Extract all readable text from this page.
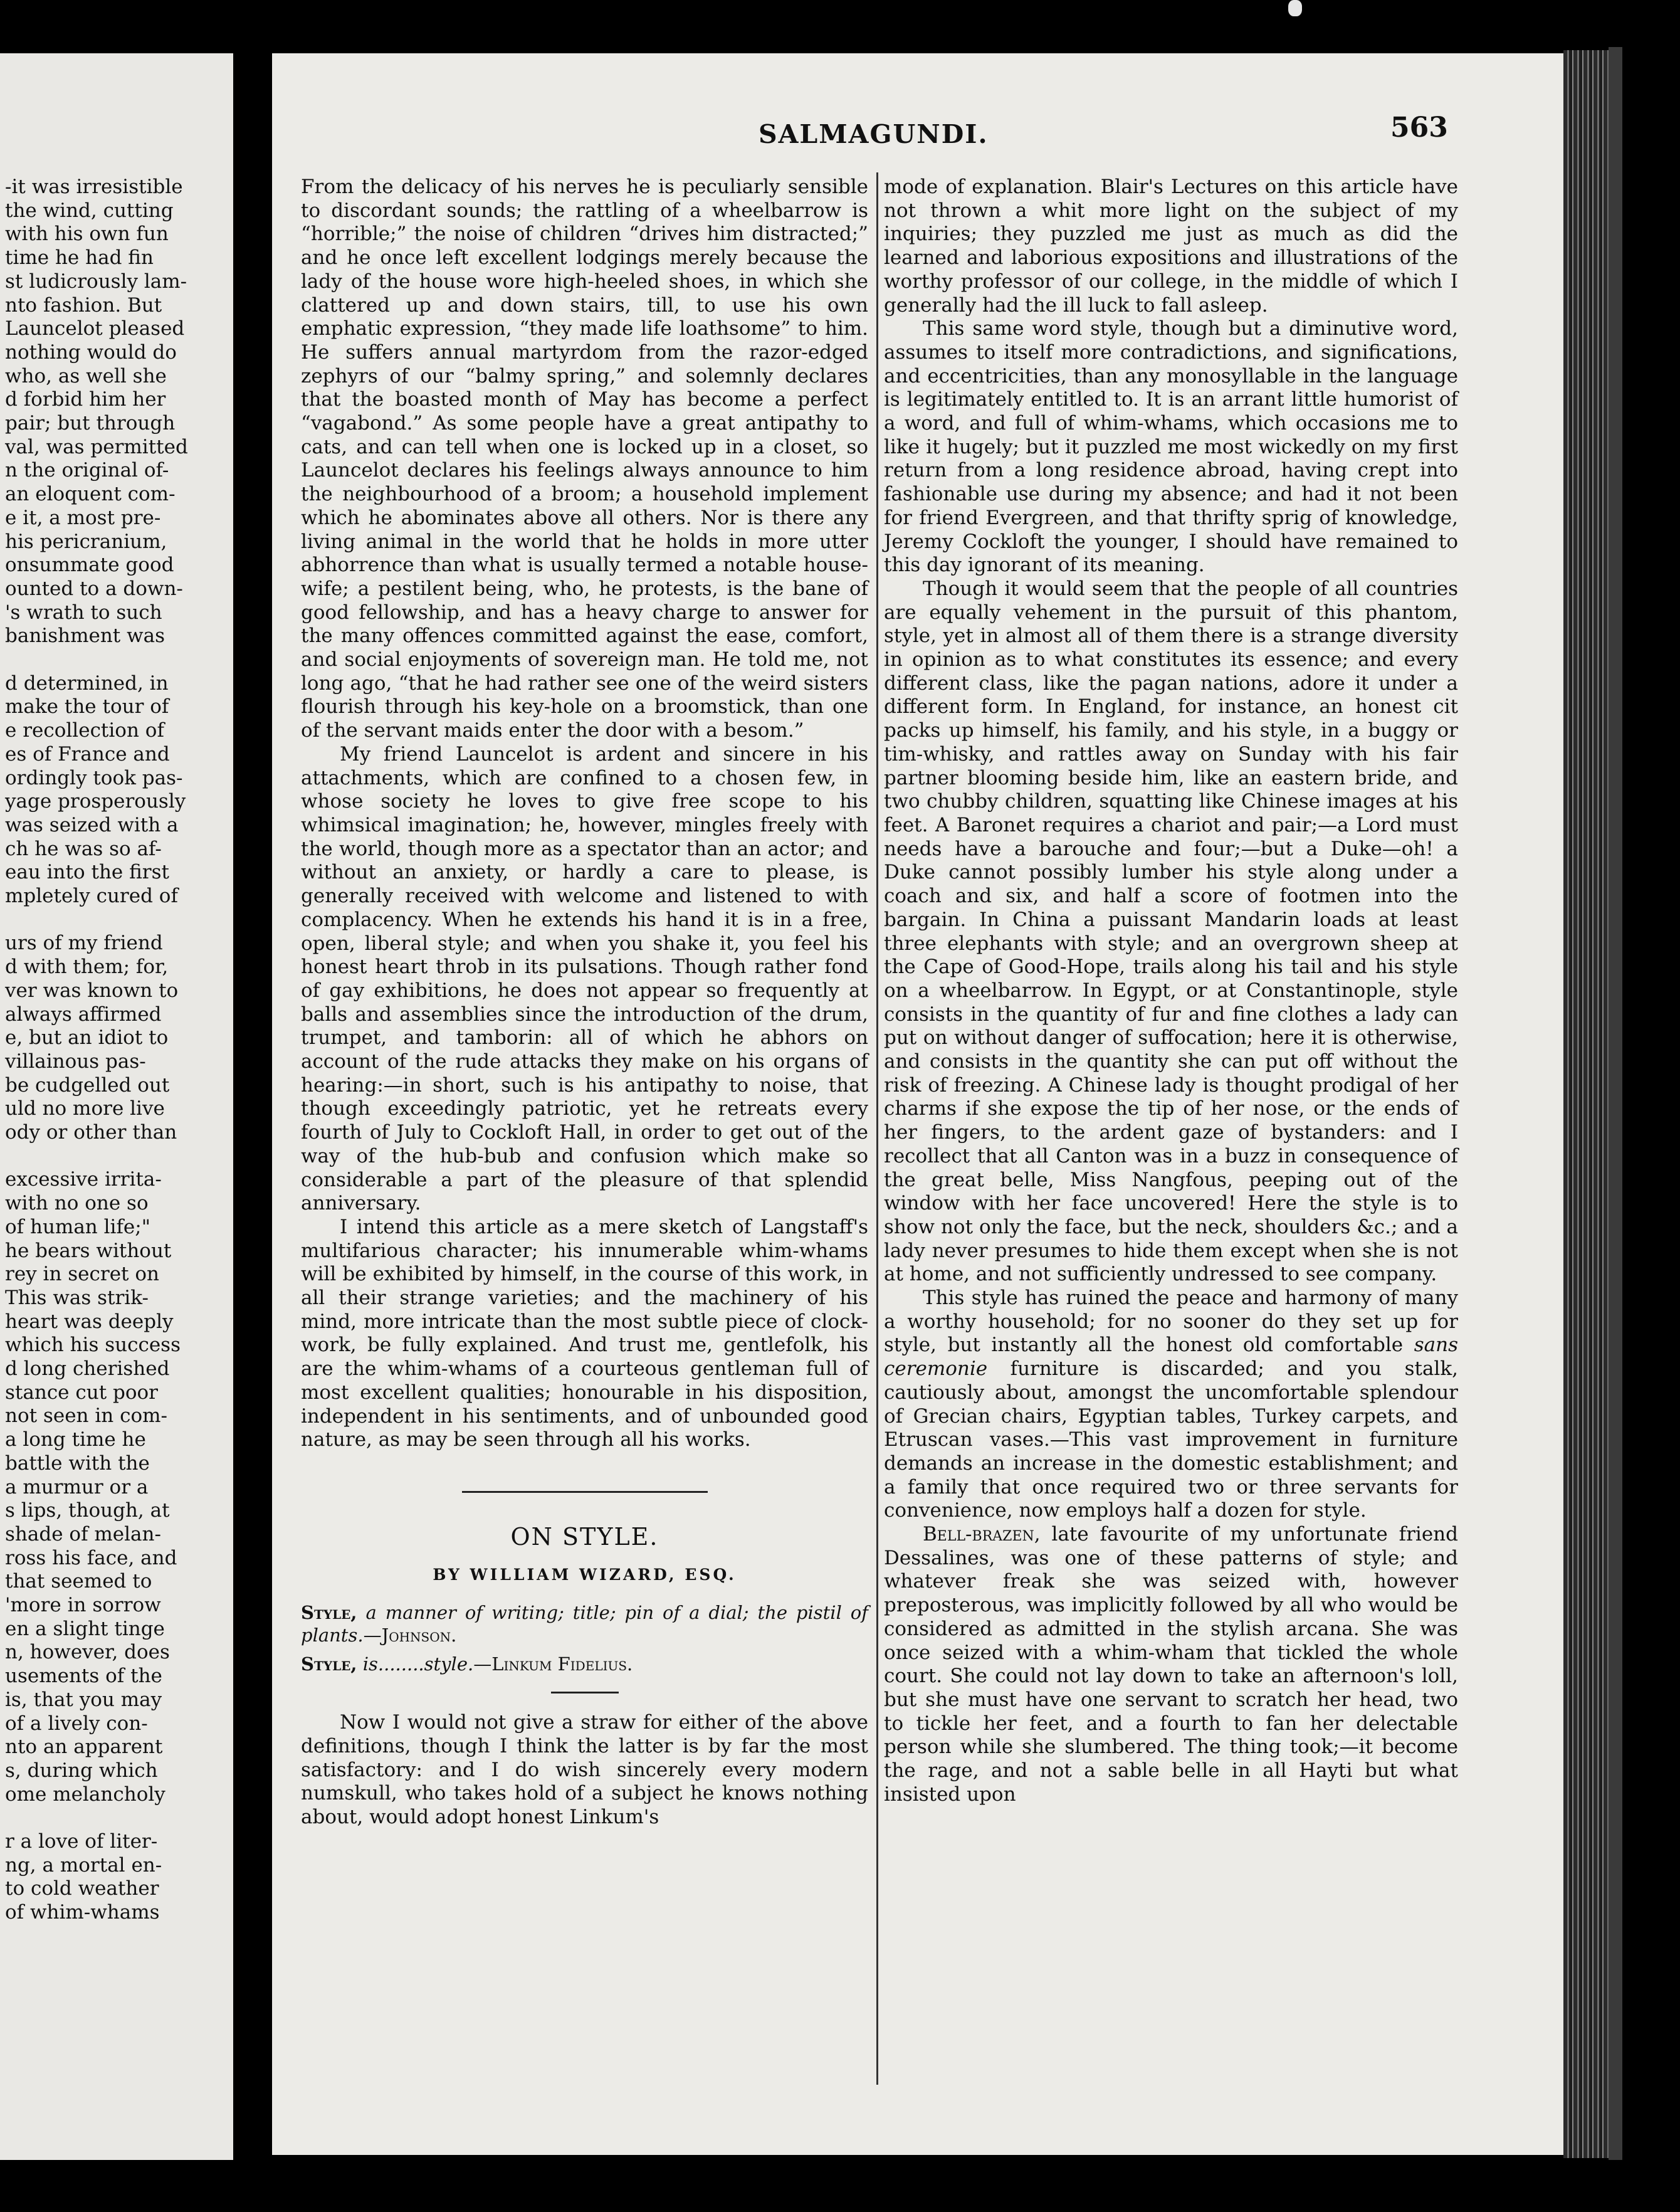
-it was irresistible
the wind, cutting
with his own fun
time he had fin
st ludicrously lam-
nto fashion. But
Launcelot pleased
nothing would do
who, as well she
d forbid him her
pair; but through
val, was permitted
n the original of-
an eloquent com-
e it, a most pre-
his pericranium,
onsummate good
ounted to a down-
's wrath to such
banishment was
d determined, in
make the tour of
e recollection of
es of France and
ordingly took pas-
yage prosperously
was seized with a
ch he was so af-
eau into the first
mpletely cured of
urs of my friend
d with them; for,
ver was known to
always affirmed
e, but an idiot to
villainous pas-
be cudgelled out
uld no more live
ody or other than
excessive irrita-
with no one so
of human life;"
he bears without
rey in secret on
This was strik-
heart was deeply
which his success
d long cherished
stance cut poor
not seen in com-
a long time he
battle with the
a murmur or a
s lips, though, at
shade of melan-
ross his face, and
that seemed to
'more in sorrow
en a slight tinge
n, however, does
usements of the
is, that you may
of a lively con-
nto an apparent
s, during which
ome melancholy
r a love of liter-
ng, a mortal en-
to cold weather
of whim-whams
SALMAGUNDI.	563

From the delicacy of his nerves he is peculiarly sensible to discordant sounds; the rattling of a wheelbarrow is “horrible;” the noise of children “drives him distracted;” and he once left excellent lodgings merely because the lady of the house wore high-heeled shoes, in which she clattered up and down stairs, till, to use his own emphatic expression, “they made life loathsome” to him. He suffers annual martyrdom from the razor-edged zephyrs of our “balmy spring,” and solemnly declares that the boasted month of May has become a perfect “vagabond.” As some people have a great antipathy to cats, and can tell when one is locked up in a closet, so Launcelot declares his feelings always announce to him the neighbourhood of a broom; a household implement which he abominates above all others. Nor is there any living animal in the world that he holds in more utter abhorrence than what is usually termed a notable house-wife; a pestilent being, who, he protests, is the bane of good fellowship, and has a heavy charge to answer for the many offences committed against the ease, comfort, and social enjoyments of sovereign man. He told me, not long ago, “that he had rather see one of the weird sisters flourish through his key-hole on a broomstick, than one of the servant maids enter the door with a besom.”

My friend Launcelot is ardent and sincere in his attachments, which are confined to a chosen few, in whose society he loves to give free scope to his whimsical imagination; he, however, mingles freely with the world, though more as a spectator than an actor; and without an anxiety, or hardly a care to please, is generally received with welcome and listened to with complacency. When he extends his hand it is in a free, open, liberal style; and when you shake it, you feel his honest heart throb in its pulsations. Though rather fond of gay exhibitions, he does not appear so frequently at balls and assemblies since the introduction of the drum, trumpet, and tamborin: all of which he abhors on account of the rude attacks they make on his organs of hearing:—in short, such is his antipathy to noise, that though exceedingly patriotic, yet he retreats every fourth of July to Cockloft Hall, in order to get out of the way of the hub-bub and confusion which make so considerable a part of the pleasure of that splendid anniversary.

I intend this article as a mere sketch of Langstaff's multifarious character; his innumerable whim-whams will be exhibited by himself, in the course of this work, in all their strange varieties; and the machinery of his mind, more intricate than the most subtle piece of clock-work, be fully explained. And trust me, gentlefolk, his are the whim-whams of a courteous gentleman full of most excellent qualities; honourable in his disposition, independent in his sentiments, and of unbounded good nature, as may be seen through all his works.

ON STYLE.
BY WILLIAM WIZARD, ESQ.
Style, a manner of writing; title; pin of a dial; the pistil of plants.—Johnson.
Style, is........style.—Linkum Fidelius.

Now I would not give a straw for either of the above definitions, though I think the latter is by far the most satisfactory: and I do wish sincerely every modern numskull, who takes hold of a subject he knows nothing about, would adopt honest Linkum's

mode of explanation. Blair's Lectures on this article have not thrown a whit more light on the subject of my inquiries; they puzzled me just as much as did the learned and laborious expositions and illustrations of the worthy professor of our college, in the middle of which I generally had the ill luck to fall asleep.

This same word style, though but a diminutive word, assumes to itself more contradictions, and significations, and eccentricities, than any monosyllable in the language is legitimately entitled to. It is an arrant little humorist of a word, and full of whim-whams, which occasions me to like it hugely; but it puzzled me most wickedly on my first return from a long residence abroad, having crept into fashionable use during my absence; and had it not been for friend Evergreen, and that thrifty sprig of knowledge, Jeremy Cockloft the younger, I should have remained to this day ignorant of its meaning.

Though it would seem that the people of all countries are equally vehement in the pursuit of this phantom, style, yet in almost all of them there is a strange diversity in opinion as to what constitutes its essence; and every different class, like the pagan nations, adore it under a different form. In England, for instance, an honest cit packs up himself, his family, and his style, in a buggy or tim-whisky, and rattles away on Sunday with his fair partner blooming beside him, like an eastern bride, and two chubby children, squatting like Chinese images at his feet. A Baronet requires a chariot and pair;—a Lord must needs have a barouche and four;—but a Duke—oh! a Duke cannot possibly lumber his style along under a coach and six, and half a score of footmen into the bargain. In China a puissant Mandarin loads at least three elephants with style; and an overgrown sheep at the Cape of Good-Hope, trails along his tail and his style on a wheelbarrow. In Egypt, or at Constantinople, style consists in the quantity of fur and fine clothes a lady can put on without danger of suffocation; here it is otherwise, and consists in the quantity she can put off without the risk of freezing. A Chinese lady is thought prodigal of her charms if she expose the tip of her nose, or the ends of her fingers, to the ardent gaze of bystanders: and I recollect that all Canton was in a buzz in consequence of the great belle, Miss Nangfous, peeping out of the window with her face uncovered! Here the style is to show not only the face, but the neck, shoulders &c.; and a lady never presumes to hide them except when she is not at home, and not sufficiently undressed to see company.

This style has ruined the peace and harmony of many a worthy household; for no sooner do they set up for style, but instantly all the honest old comfortable sans ceremonie furniture is discarded; and you stalk, cautiously about, amongst the uncomfortable splendour of Grecian chairs, Egyptian tables, Turkey carpets, and Etruscan vases.—This vast improvement in furniture demands an increase in the domestic establishment; and a family that once required two or three servants for convenience, now employs half a dozen for style.

Bell-brazen, late favourite of my unfortunate friend Dessalines, was one of these patterns of style; and whatever freak she was seized with, however preposterous, was implicitly followed by all who would be considered as admitted in the stylish arcana. She was once seized with a whim-wham that tickled the whole court. She could not lay down to take an afternoon's loll, but she must have one servant to scratch her head, two to tickle her feet, and a fourth to fan her delectable person while she slumbered. The thing took;—it become the rage, and not a sable belle in all Hayti but what insisted upon
